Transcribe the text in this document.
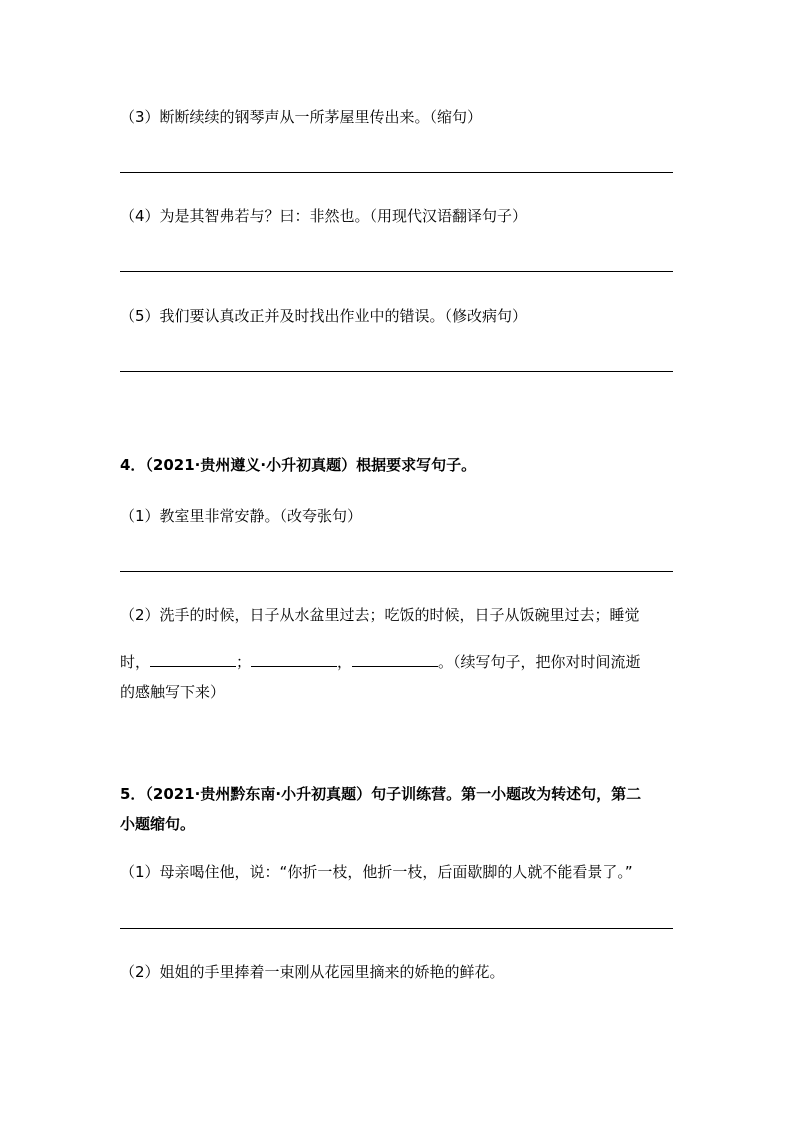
（3）断断续续的钢琴声从一所茅屋里传出来。（缩句）
（4）为是其智弗若与？曰：非然也。（用现代汉语翻译句子）
（5）我们要认真改正并及时找出作业中的错误。（修改病句）
4．（2021·贵州遵义·小升初真题）根据要求写句子。
（1）教室里非常安静。（改夸张句）
（2）洗手的时候，日子从水盆里过去；吃饭的时候，日子从饭碗里过去；睡觉
时，	；	，	。（续写句子，把你对时间流逝
的感触写下来）
5．（2021·贵州黔东南·小升初真题）句子训练营。第一小题改为转述句，第二
小题缩句。
（1）母亲喝住他，说：“你折一枝，他折一枝，后面歇脚的人就不能看景了。”
（2）姐姐的手里捧着一束刚从花园里摘来的娇艳的鲜花。
